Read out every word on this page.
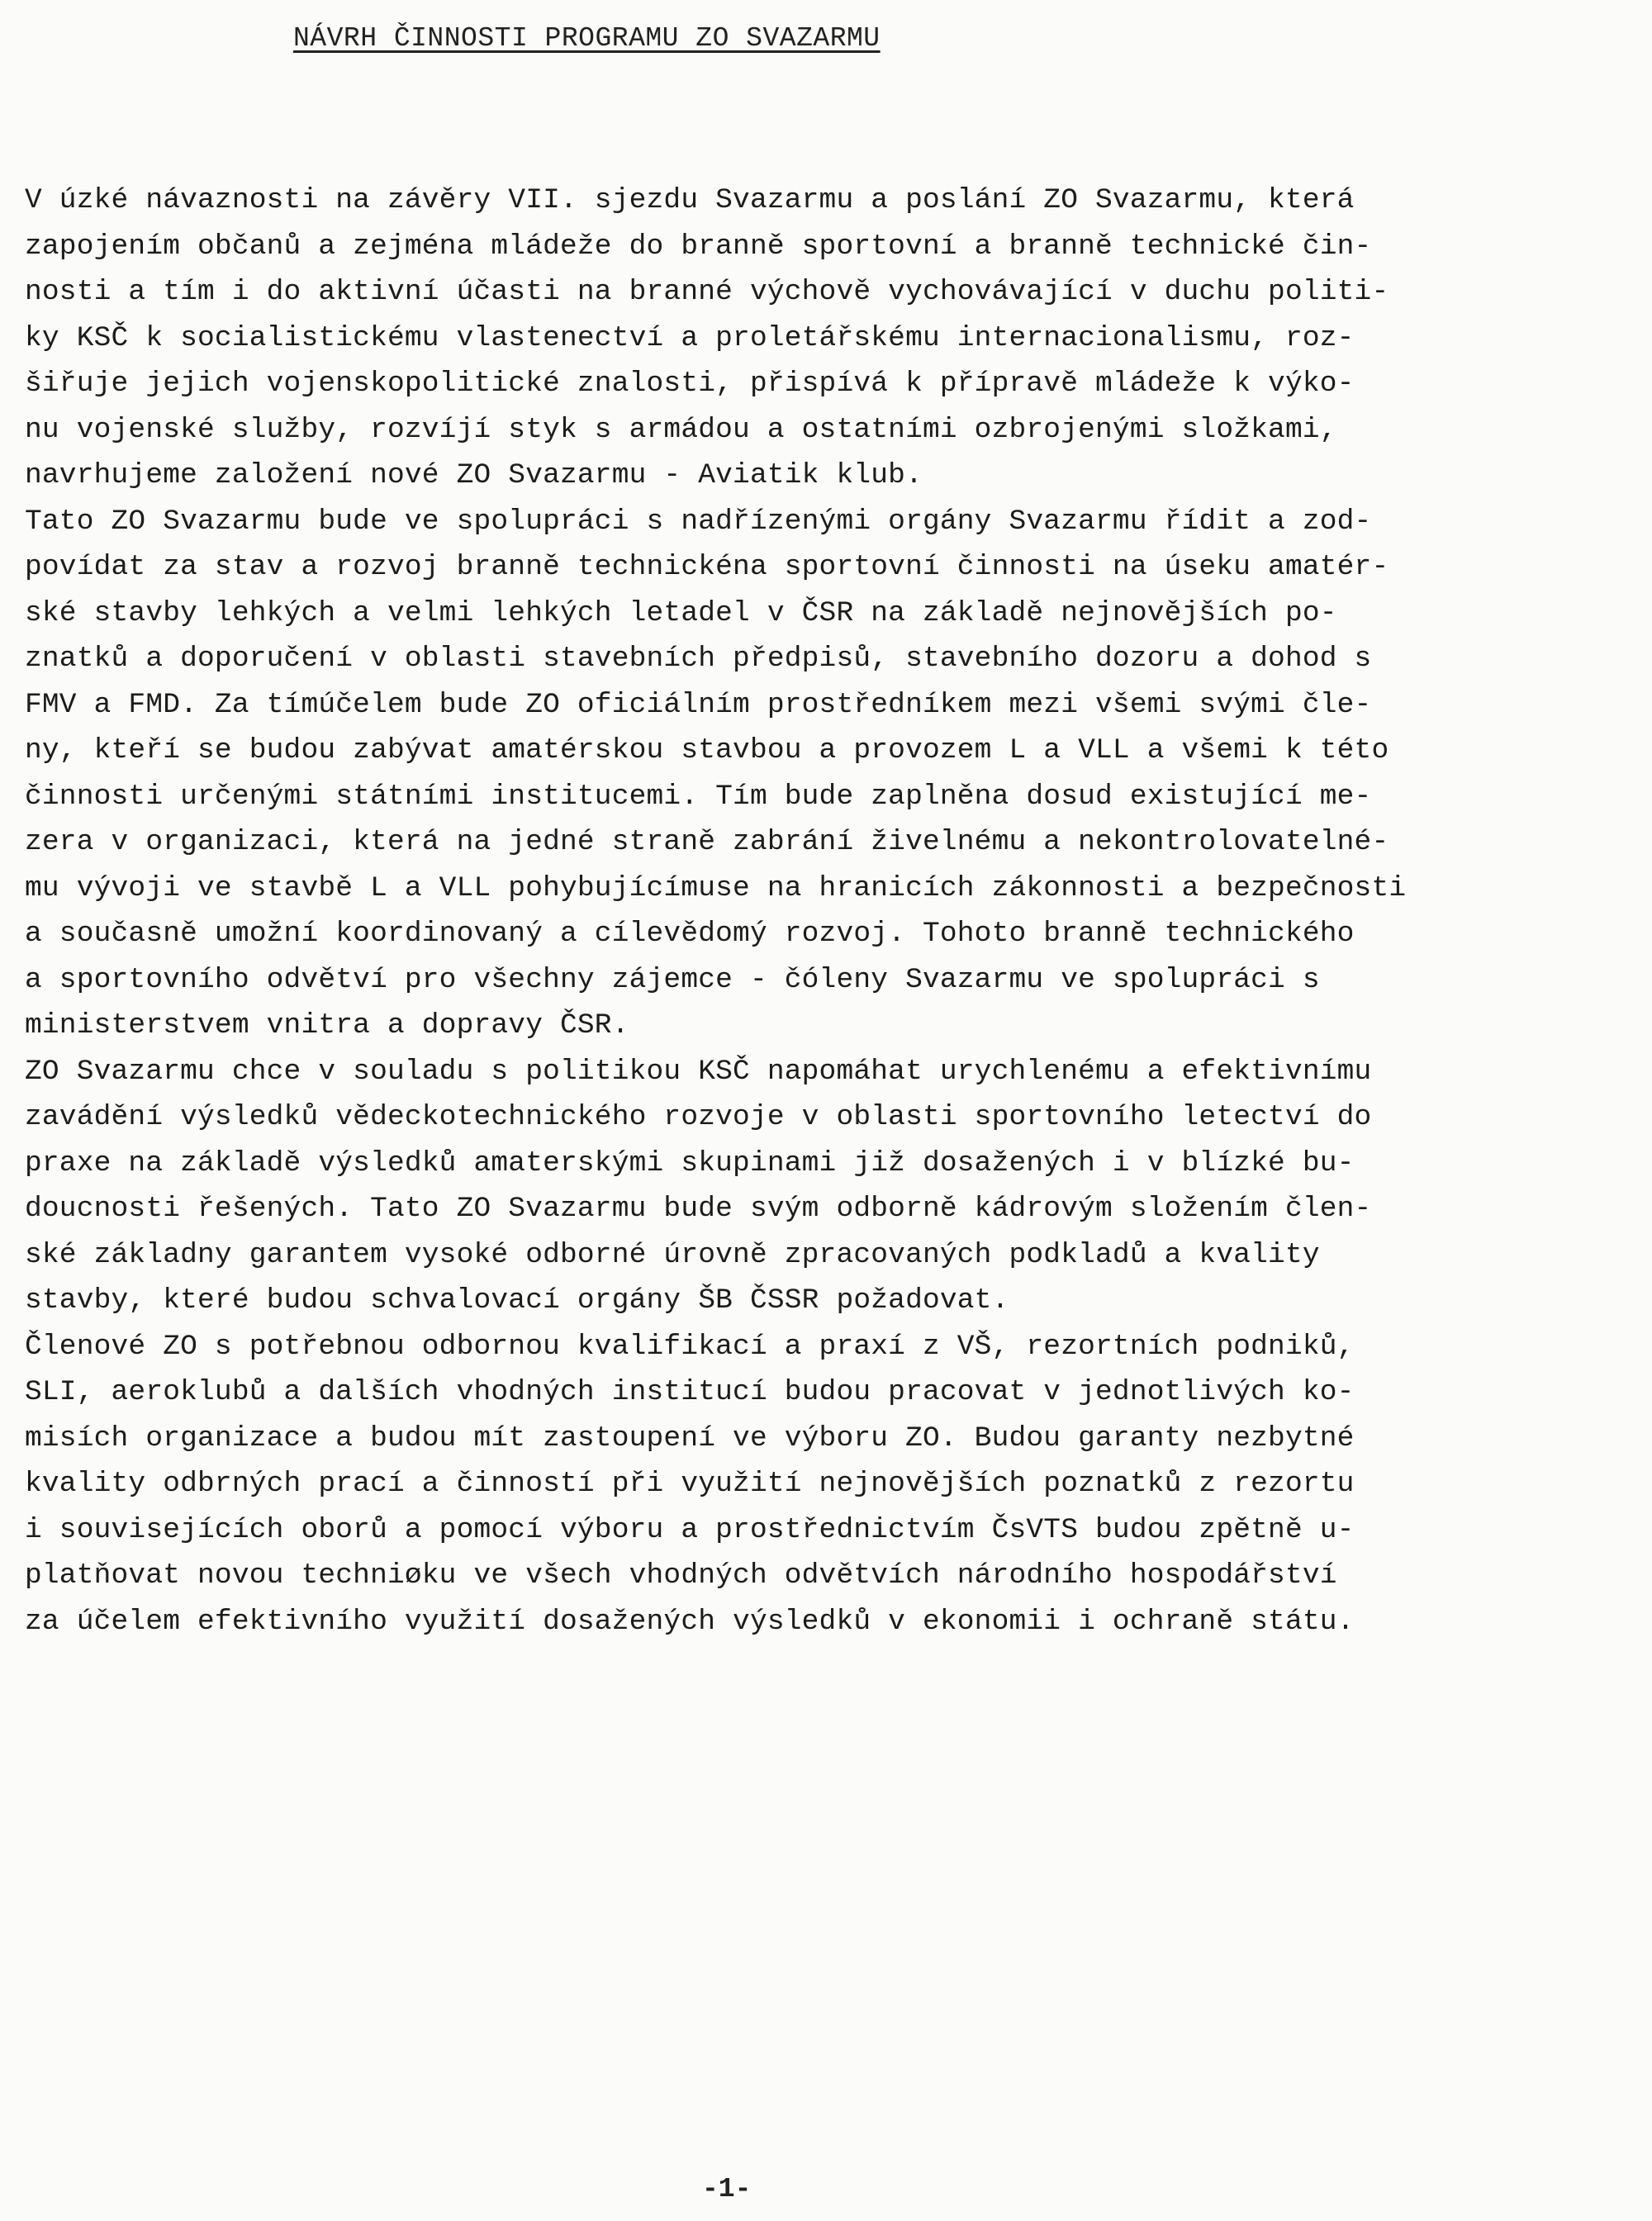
NÁVRH ČINNOSTI PROGRAMU ZO SVAZARMU
V úzké návaznosti na závěry VII. sjezdu Svazarmu a poslání ZO Svazarmu, která
zapojením občanů a zejména mládeže do branně sportovní a branně technické čin-
nosti a tím i do aktivní účasti na branné výchově vychovávající v duchu politi-
ky KSČ k socialistickému vlastenectví a proletářskému internacionalismu, roz-
šiřuje jejich vojenskopolitické znalosti, přispívá k přípravě mládeže k výko-
nu vojenské služby, rozvíjí styk s armádou a ostatními ozbrojenými složkami,
navrhujeme založení nové ZO Svazarmu - Aviatik klub.
Tato ZO Svazarmu bude ve spolupráci s nadřízenými orgány Svazarmu řídit a zod-
povídat za stav a rozvoj branně technickéna sportovní činnosti na úseku amatér-
ské stavby lehkých a velmi lehkých letadel v ČSR na základě nejnovějších po-
znatků a doporučení v oblasti stavebních předpisů, stavebního dozoru a dohod s
FMV a FMD. Za tímúčelem bude ZO oficiálním prostředníkem mezi všemi svými čle-
ny, kteří se budou zabývat amatérskou stavbou a provozem L a VLL a všemi k této
činnosti určenými státními institucemi. Tím bude zaplněna dosud existující me-
zera v organizaci, která na jedné straně zabrání živelnému a nekontrolovatelné-
mu vývoji ve stavbě L a VLL pohybujícímuse na hranicích zákonnosti a bezpečnosti
a současně umožní koordinovaný a cílevědomý rozvoj. Tohoto branně technického
a sportovního odvětví pro všechny zájemce - čóleny Svazarmu ve spolupráci s
ministerstvem vnitra a dopravy ČSR.
ZO Svazarmu chce v souladu s politikou KSČ napomáhat urychlenému a efektivnímu
zavádění výsledků vědeckotechnického rozvoje v oblasti sportovního letectví do
praxe na základě výsledků amaterskými skupinami již dosažených i v blízké bu-
doucnosti řešených. Tato ZO Svazarmu bude svým odborně kádrovým složením člen-
ské základny garantem vysoké odborné úrovně zpracovaných podkladů a kvality
stavby, které budou schvalovací orgány ŠB ČSSR požadovat.
Členové ZO s potřebnou odbornou kvalifikací a praxí z VŠ, rezortních podniků,
SLI, aeroklubů a dalších vhodných institucí budou pracovat v jednotlivých ko-
misích organizace a budou mít zastoupení ve výboru ZO. Budou garanty nezbytné
kvality odbrných prací a činností při využití nejnovějších poznatků z rezortu
i souvisejících oborů a pomocí výboru a prostřednictvím ČsVTS budou zpětně u-
platňovat novou techniøku ve všech vhodných odvětvích národního hospodářství
za účelem efektivního využití dosažených výsledků v ekonomii i ochraně státu.
-1-
